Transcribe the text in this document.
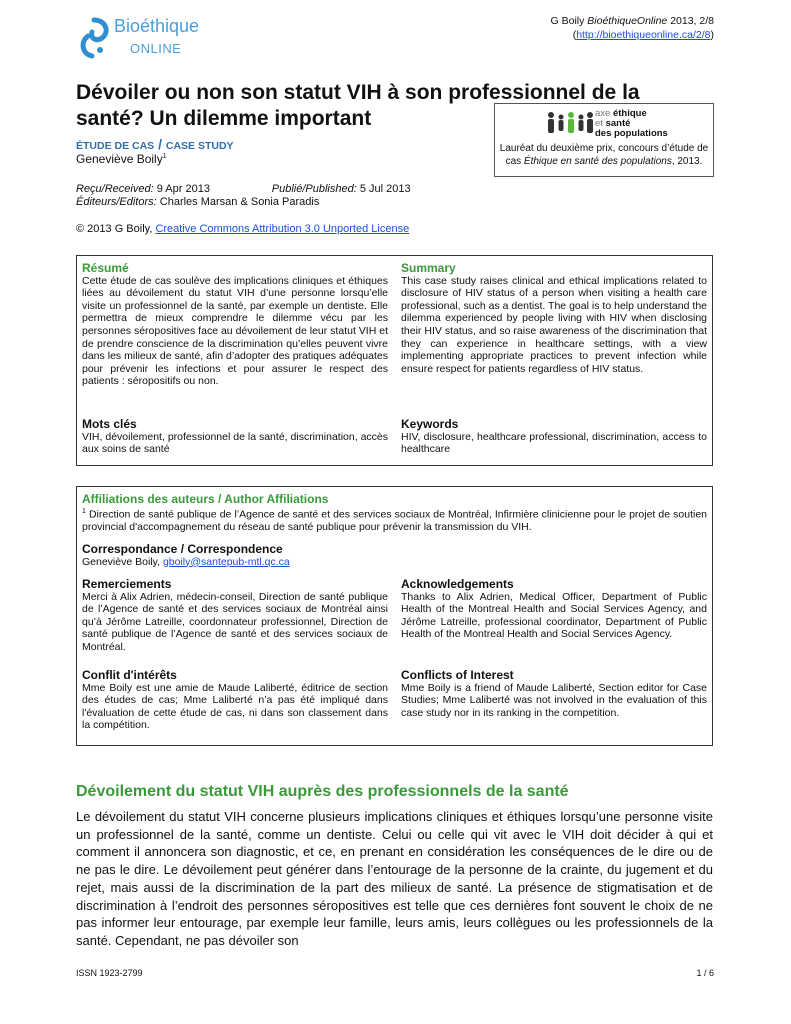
Bioéthique
ONLINE
G Boily BioéthiqueOnline 2013, 2/8
(http://bioethiqueonline.ca/2/8)
Dévoiler ou non son statut VIH à son professionnel de la santé? Un dilemme important	axe éthique
et santé
des populations
Lauréat du deuxième prix, concours d’étude de cas Éthique en santé des populations, 2013.
ÉTUDE DE CAS / CASE STUDY
Geneviève Boily$^1$
Reçu/Received: 9 Apr 2013	Publié/Published: 5 Jul 2013
Éditeurs/Editors: Charles Marsan & Sonia Paradis
© 2013 G Boily, Creative Commons Attribution 3.0 Unported License
Résumé
Cette étude de cas soulève des implications cliniques et éthiques liées au dévoilement du statut VIH d’une personne lorsqu’elle visite un professionnel de la santé, par exemple un dentiste. Elle permettra de mieux comprendre le dilemme vécu par les personnes séropositives face au dévoilement de leur statut VIH et de prendre conscience de la discrimination qu’elles peuvent vivre dans les milieux de santé, afin d’adopter des pratiques adéquates pour prévenir les infections et pour assurer le respect des patients : séropositifs ou non.
Summary
This case study raises clinical and ethical implications related to disclosure of HIV status of a person when visiting a health care professional, such as a dentist. The goal is to help understand the dilemma experienced by people living with HIV when disclosing their HIV status, and so raise awareness of the discrimination that they can experience in healthcare settings, with a view implementing appropriate practices to prevent infection while ensure respect for patients regardless of HIV status.
Mots clés
VIH, dévoilement, professionnel de la santé, discrimination, accès aux soins de santé
Keywords
HIV, disclosure, healthcare professional, discrimination, access to healthcare
Affiliations des auteurs / Author Affiliations
$^1$ Direction de santé publique de l’Agence de santé et des services sociaux de Montréal, Infirmière clinicienne pour le projet de soutien provincial d'accompagnement du réseau de santé publique pour prévenir la transmission du VIH.
Correspondance / Correspondence
Geneviève Boily, gboily@santepub-mtl.qc.ca
Remerciements
Merci à Alix Adrien, médecin-conseil, Direction de santé publique de l’Agence de santé et des services sociaux de Montréal ainsi qu’à Jérôme Latreille, coordonnateur professionnel, Direction de santé publique de l’Agence de santé et des services sociaux de Montréal.
Acknowledgements
Thanks to Alix Adrien, Medical Officer, Department of Public Health of the Montreal Health and Social Services Agency, and Jérôme Latreille, professional coordinator, Department of Public Health of the Montreal Health and Social Services Agency.
Conflit d'intérêts
Mme Boily est une amie de Maude Laliberté, éditrice de section des études de cas; Mme Laliberté n’a pas été impliqué dans l'évaluation de cette étude de cas, ni dans son classement dans la compétition.
Conflicts of Interest
Mme Boily is a friend of Maude Laliberté, Section editor for Case Studies; Mme Laliberté was not involved in the evaluation of this case study nor in its ranking in the competition.
Dévoilement du statut VIH auprès des professionnels de la santé
Le dévoilement du statut VIH concerne plusieurs implications cliniques et éthiques lorsqu’une personne visite un professionnel de la santé, comme un dentiste. Celui ou celle qui vit avec le VIH doit décider à qui et comment il annoncera son diagnostic, et ce, en prenant en considération les conséquences de le dire ou de ne pas le dire. Le dévoilement peut générer dans l’entourage de la personne de la crainte, du jugement et du rejet, mais aussi de la discrimination de la part des milieux de santé. La présence de stigmatisation et de discrimination à l’endroit des personnes séropositives est telle que ces dernières font souvent le choix de ne pas informer leur entourage, par exemple leur famille, leurs amis, leurs collègues ou les professionnels de la santé. Cependant, ne pas dévoiler son
ISSN 1923-2799	1 / 6
